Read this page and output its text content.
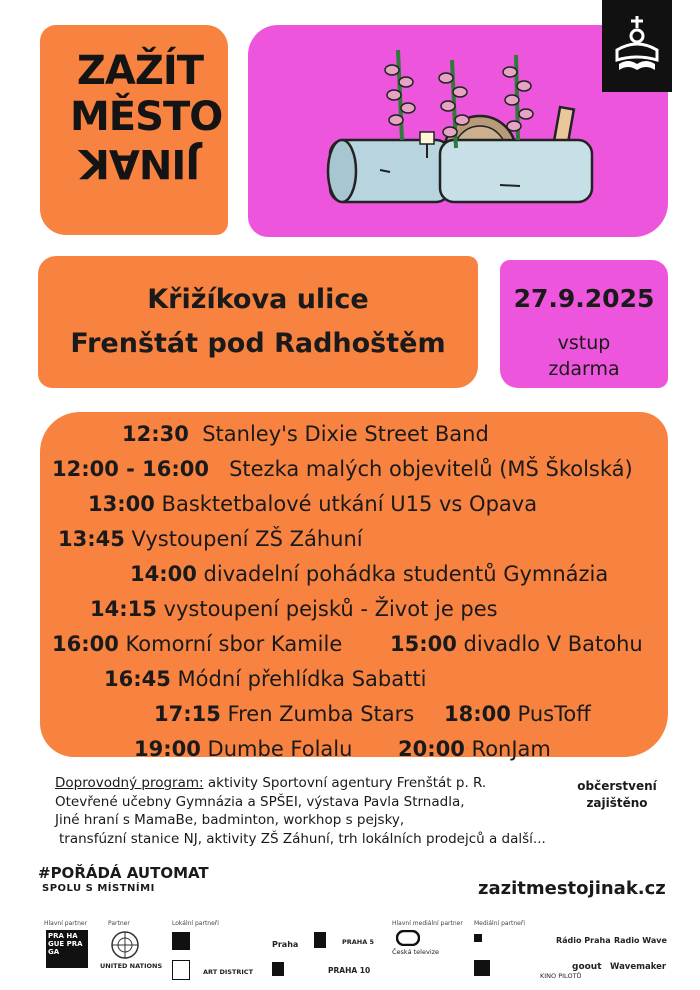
ZAŽÍT
MĚSTO
JINAK
Křižíkova ulice
Frenštát pod Radhoštěm
27.9.2025
vstup
zdarma
12:30 Stanley's Dixie Street Band
12:00 - 16:00 Stezka malých objevitelů (MŠ Školská)
13:00 Basktetbalové utkání U15 vs Opava
13:45 Vystoupení ZŠ Záhuní
14:00 divadelní pohádka studentů Gymnázia
14:15 vystoupení pejsků - Život je pes
16:00 Komorní sbor Kamile 15:00 divadlo V Batohu
16:45 Módní přehlídka Sabatti
17:15 Fren Zumba Stars 18:00 PusToff
19:00 Dumbe Folalu 20:00 RonJam
Doprovodný program: aktivity Sportovní agentury Frenštát p. R.
Otevřené učebny Gymnázia a SPŠEI, výstava Pavla Strnadla,
Jiné hraní s MamaBe, badminton, workhop s pejsky,
transfúzní stanice NJ, aktivity ZŠ Záhuní, trh lokálních prodejců a další...
občerstvení
zajištěno
#POŘÁDÁ AUTOMAT
SPOLU S MÍSTNÍMI	zazitmestojinak.cz
Hlavní partner	Partner	Lokální partneři	Hlavní mediální partner Mediální partneři
PRA HA GUE PRA GA
UNITED NATIONS
Praha	PRAHA 5
ART DISTRICT	PRAHA 10
Česká televize
Rádio Praha Radio Wave
KINO PILOTŮ
goout Wavemaker
